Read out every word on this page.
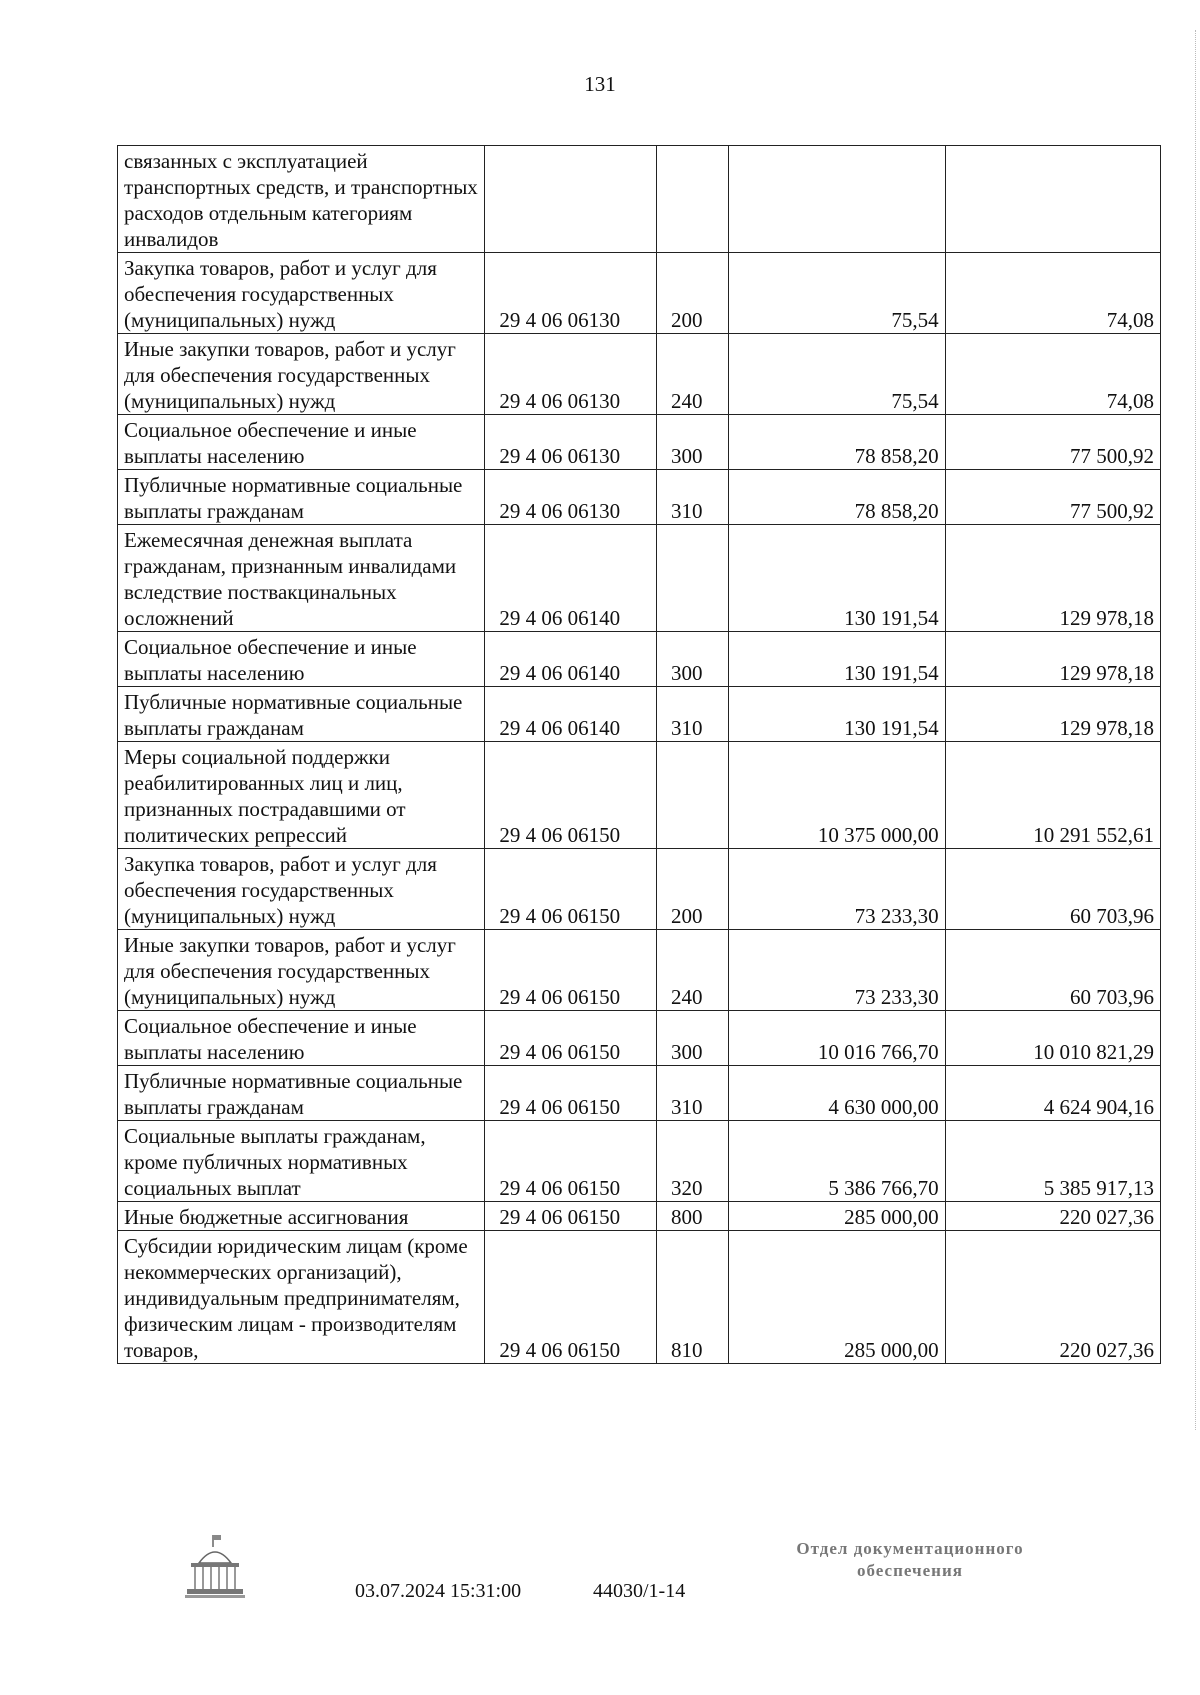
131
связанных с эксплуатацией транспортных средств, и транспортных расходов отдельным категориям инвалидов				
Закупка товаров, работ и услуг для обеспечения государственных (муниципальных) нужд	29 4 06 06130	200	75,54	74,08
Иные закупки товаров, работ и услуг для обеспечения государственных (муниципальных) нужд	29 4 06 06130	240	75,54	74,08
Социальное обеспечение и иные выплаты населению	29 4 06 06130	300	78 858,20	77 500,92
Публичные нормативные социальные выплаты гражданам	29 4 06 06130	310	78 858,20	77 500,92
Ежемесячная денежная выплата гражданам, признанным инвалидами вследствие поствакцинальных осложнений	29 4 06 06140		130 191,54	129 978,18
Социальное обеспечение и иные выплаты населению	29 4 06 06140	300	130 191,54	129 978,18
Публичные нормативные социальные выплаты гражданам	29 4 06 06140	310	130 191,54	129 978,18
Меры социальной поддержки реабилитированных лиц и лиц, признанных пострадавшими от политических репрессий	29 4 06 06150		10 375 000,00	10 291 552,61
Закупка товаров, работ и услуг для обеспечения государственных (муниципальных) нужд	29 4 06 06150	200	73 233,30	60 703,96
Иные закупки товаров, работ и услуг для обеспечения государственных (муниципальных) нужд	29 4 06 06150	240	73 233,30	60 703,96
Социальное обеспечение и иные выплаты населению	29 4 06 06150	300	10 016 766,70	10 010 821,29
Публичные нормативные социальные выплаты гражданам	29 4 06 06150	310	4 630 000,00	4 624 904,16
Социальные выплаты гражданам, кроме публичных нормативных социальных выплат	29 4 06 06150	320	5 386 766,70	5 385 917,13
Иные бюджетные ассигнования	29 4 06 06150	800	285 000,00	220 027,36
Субсидии юридическим лицам (кроме некоммерческих организаций), индивидуальным предпринимателям, физическим лицам - производителям товаров,	29 4 06 06150	810	285 000,00	220 027,36
03.07.2024 15:31:00	44030/1-14
Отдел документационного
обеспечения
